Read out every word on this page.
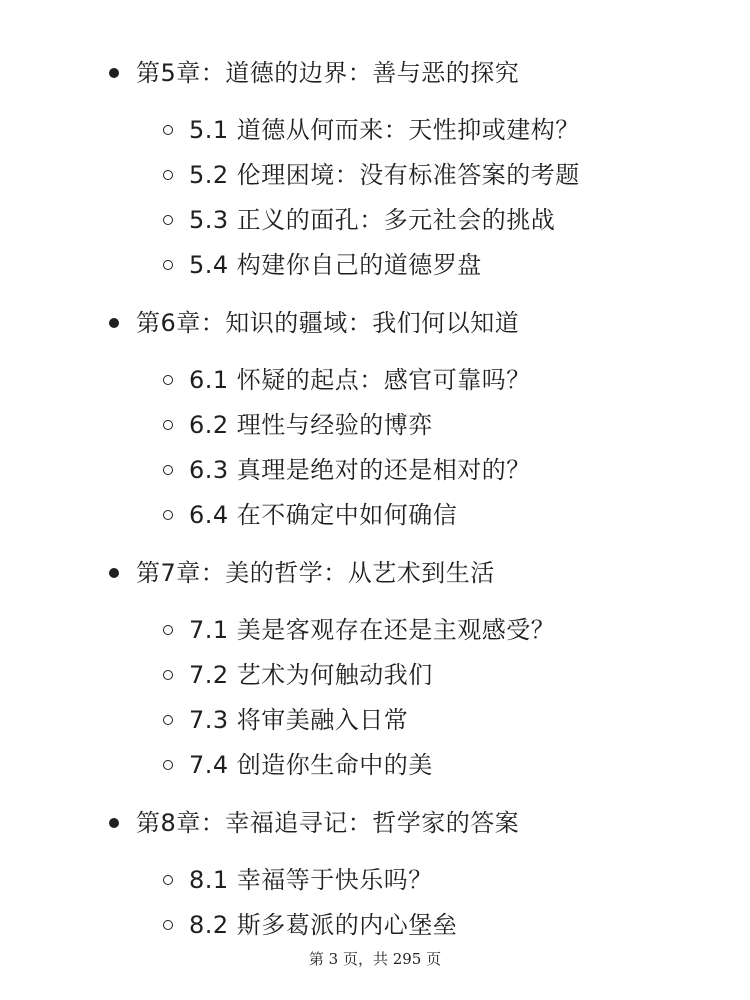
第5章：道德的边界：善与恶的探究
5.1 道德从何而来：天性抑或建构？
5.2 伦理困境：没有标准答案的考题
5.3 正义的面孔：多元社会的挑战
5.4 构建你自己的道德罗盘
第6章：知识的疆域：我们何以知道
6.1 怀疑的起点：感官可靠吗？
6.2 理性与经验的博弈
6.3 真理是绝对的还是相对的？
6.4 在不确定中如何确信
第7章：美的哲学：从艺术到生活
7.1 美是客观存在还是主观感受？
7.2 艺术为何触动我们
7.3 将审美融入日常
7.4 创造你生命中的美
第8章：幸福追寻记：哲学家的答案
8.1 幸福等于快乐吗？
8.2 斯多葛派的内心堡垒
第 3 页，共 295 页
